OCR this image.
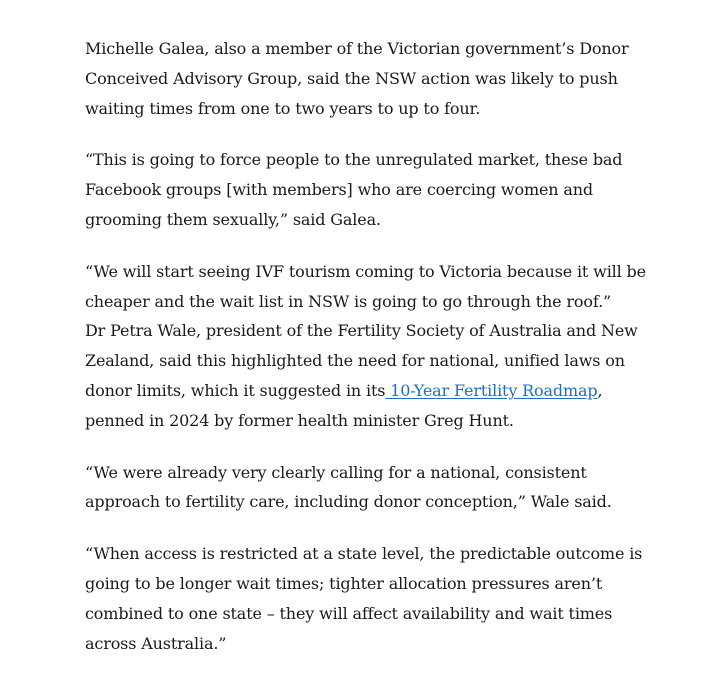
Michelle Galea, also a member of the Victorian government’s Donor Conceived Advisory Group, said the NSW action was likely to push waiting times from one to two years to up to four.

“This is going to force people to the unregulated market, these bad Facebook groups [with members] who are coercing women and grooming them sexually,” said Galea.

“We will start seeing IVF tourism coming to Victoria because it will be cheaper and the wait list in NSW is going to go through the roof.”

Dr Petra Wale, president of the Fertility Society of Australia and New Zealand, said this highlighted the need for national, unified laws on donor limits, which it suggested in its 10-Year Fertility Roadmap, penned in 2024 by former health minister Greg Hunt.

“We were already very clearly calling for a national, consistent approach to fertility care, including donor conception,” Wale said.

“When access is restricted at a state level, the predictable outcome is going to be longer wait times; tighter allocation pressures aren’t combined to one state – they will affect availability and wait times across Australia.”
